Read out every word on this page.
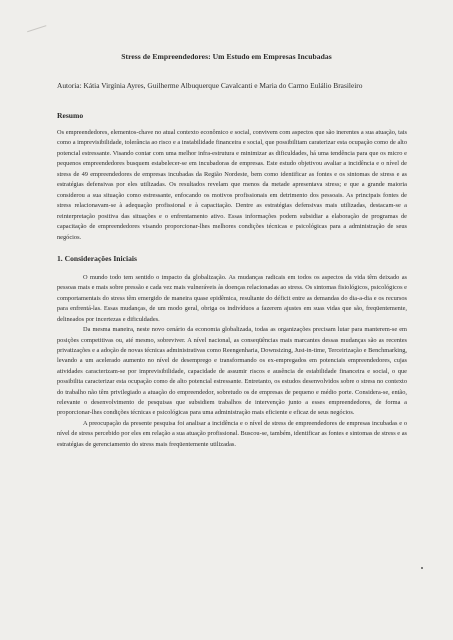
Stress de Empreendedores: Um Estudo em Empresas Incubadas
Autoria: Kátia Virgínia Ayres, Guilherme Albuquerque Cavalcanti e Maria do Carmo Eulálio Brasileiro
Resumo
Os empreendedores, elementos-chave no atual contexto econômico e social, convivem com aspectos que são inerentes a sua atuação, tais como a imprevisibilidade, tolerância ao risco e a instabilidade financeira e social, que possibilitam caraterizar esta ocupação como de alto potencial estressante. Visando contar com uma melhor infra-estrutura e minimizar as dificuldades, há uma tendência para que os micro e pequenos empreendedores busquem estabelecer-se em incubadoras de empresas. Este estudo objetivou avaliar a incidência e o nível de stress de 49 empreendedores de empresas incubadas da Região Nordeste, bem como identificar as fontes e os sintomas de stress e as estratégias defensivas por eles utilizadas. Os resultados revelam que menos da metade apresentava stress; e que a grande maioria considerou a sua situação como estressante, enfocando os motivos profissionais em detrimento dos pessoais. As principais fontes de stress relacionavam-se à adequação profissional e à capacitação. Dentre as estratégias defensivas mais utilizadas, destacam-se a reinterpretação positiva das situações e o enfrentamento ativo. Essas informações podem subsidiar a elaboração de programas de capacitação de empreendedores visando proporcionar-lhes melhores condições técnicas e psicológicas para a administração de seus negócios.
1. Considerações Iniciais

O mundo todo tem sentido o impacto da globalização. As mudanças radicais em todos os aspectos da vida têm deixado as pessoas mais e mais sobre pressão e cada vez mais vulneráveis às doenças relacionadas ao stress. Os sintomas fisiológicos, psicológicos e comportamentais do stress têm emergido de maneira quase epidêmica, resultante do déficit entre as demandas do dia-a-dia e os recursos para enfrentá-las. Essas mudanças, de um modo geral, obriga os indivíduos a fazerem ajustes em suas vidas que são, freqüentemente, delineados por incertezas e dificuldades.

Da mesma maneira, neste novo cenário da economia globalizada, todas as organizações precisam lutar para manterem-se em posições competitivas ou, até mesmo, sobreviver. A nível nacional, as conseqüências mais marcantes dessas mudanças são as recentes privatizações e a adoção de novas técnicas administrativas como Reengenharia, Downsizing, Just-in-time, Terceirização e Benchmarking, levando a um acelerado aumento no nível de desemprego e transformando os ex-empregados em potenciais empreendedores, cujas atividades caracterizam-se por imprevisibilidade, capacidade de assumir riscos e ausência de estabilidade financeira e social, o que possibilita caracterizar esta ocupação como de alto potencial estressante. Entretanto, os estudos desenvolvidos sobre o stress no contexto do trabalho não têm privilegiado a atuação do empreendedor, sobretudo os de empresas de pequeno e médio porte. Considera-se, então, relevante o desenvolvimento de pesquisas que subsidiem trabalhos de intervenção junto a esses empreendedores, de forma a proporcionar-lhes condições técnicas e psicológicas para uma administração mais eficiente e eficaz de seus negócios.

A preocupação da presente pesquisa foi analisar a incidência e o nível de stress de empreendedores de empresas incubadas e o nível de stress percebido por eles em relação a sua atuação profissional. Buscou-se, também, identificar as fontes e sintomas de stress e as estratégias de gerenciamento do stress mais freqüentemente utilizadas.
